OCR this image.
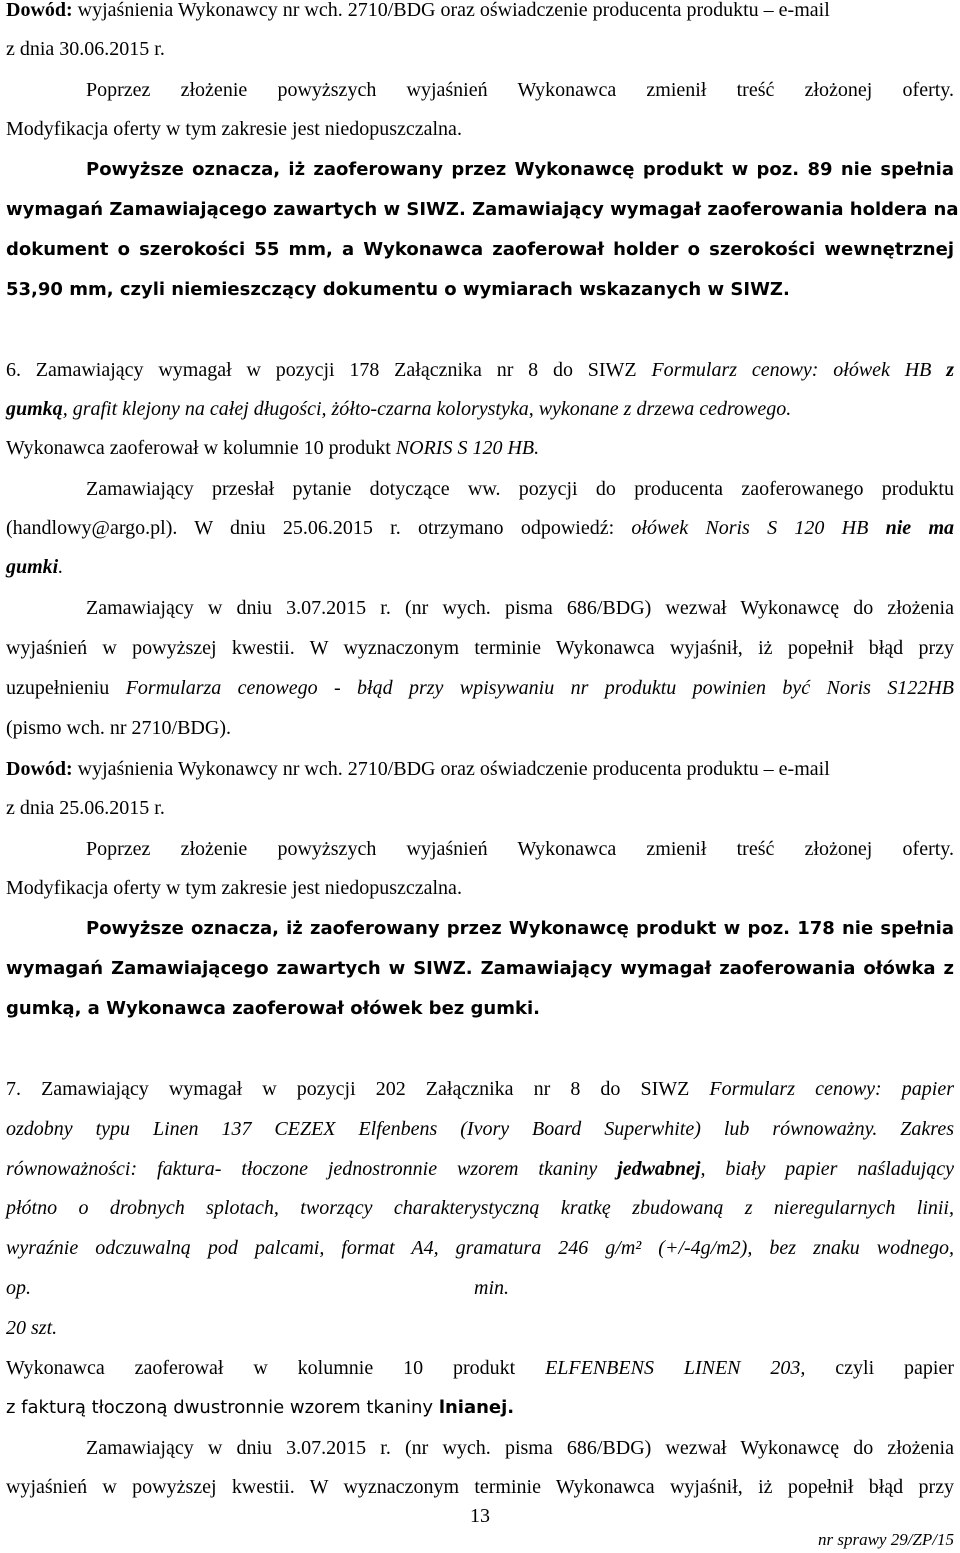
Dowód: wyjaśnienia Wykonawcy nr wch. 2710/BDG oraz oświadczenie producenta produktu – e-mail
z dnia 30.06.2015 r.
Poprzez złożenie powyższych wyjaśnień Wykonawca zmienił treść złożonej oferty.
Modyfikacja oferty w tym zakresie jest niedopuszczalna.
Powyższe oznacza, iż zaoferowany przez Wykonawcę produkt w poz. 89 nie spełnia
wymagań Zamawiającego zawartych w SIWZ. Zamawiający wymagał zaoferowania holdera na
dokument o szerokości 55 mm, a Wykonawca zaoferował holder o szerokości wewnętrznej
53,90 mm, czyli niemieszczący dokumentu o wymiarach wskazanych w SIWZ.
6. Zamawiający wymagał w pozycji 178 Załącznika nr 8 do SIWZ Formularz cenowy: ołówek HB z
gumką, grafit klejony na całej długości, żółto-czarna kolorystyka, wykonane z drzewa cedrowego.
Wykonawca zaoferował w kolumnie 10 produkt NORIS S 120 HB.
Zamawiający przesłał pytanie dotyczące ww. pozycji do producenta zaoferowanego produktu
(handlowy@argo.pl). W dniu 25.06.2015 r. otrzymano odpowiedź: ołówek Noris S 120 HB nie ma
gumki.
Zamawiający w dniu 3.07.2015 r. (nr wych. pisma 686/BDG) wezwał Wykonawcę do złożenia
wyjaśnień w powyższej kwestii. W wyznaczonym terminie Wykonawca wyjaśnił, iż popełnił błąd przy
uzupełnieniu Formularza cenowego - błąd przy wpisywaniu nr produktu powinien być Noris S122HB
(pismo wch. nr 2710/BDG).
Dowód: wyjaśnienia Wykonawcy nr wch. 2710/BDG oraz oświadczenie producenta produktu – e-mail
z dnia 25.06.2015 r.
Poprzez złożenie powyższych wyjaśnień Wykonawca zmienił treść złożonej oferty.
Modyfikacja oferty w tym zakresie jest niedopuszczalna.
Powyższe oznacza, iż zaoferowany przez Wykonawcę produkt w poz. 178 nie spełnia
wymagań Zamawiającego zawartych w SIWZ. Zamawiający wymagał zaoferowania ołówka z
gumką, a Wykonawca zaoferował ołówek bez gumki.
7. Zamawiający wymagał w pozycji 202 Załącznika nr 8 do SIWZ Formularz cenowy: papier
ozdobny typu Linen 137 CEZEX Elfenbens (Ivory Board Superwhite) lub równoważny. Zakres
równoważności: faktura- tłoczone jednostronnie wzorem tkaniny jedwabnej, biały papier naśladujący
płótno o drobnych splotach, tworzący charakterystyczną kratkę zbudowaną z nieregularnych linii,
wyraźnie odczuwalną pod palcami, format A4, gramatura 246 g/m² (+/-4g/m2), bez znaku wodnego,
op.	min.
20 szt.
Wykonawca zaoferował w kolumnie 10 produkt ELFENBENS LINEN 203, czyli papier
z fakturą tłoczoną dwustronnie wzorem tkaniny lnianej.
Zamawiający w dniu 3.07.2015 r. (nr wych. pisma 686/BDG) wezwał Wykonawcę do złożenia
wyjaśnień w powyższej kwestii. W wyznaczonym terminie Wykonawca wyjaśnił, iż popełnił błąd przy
13
nr sprawy 29/ZP/15
